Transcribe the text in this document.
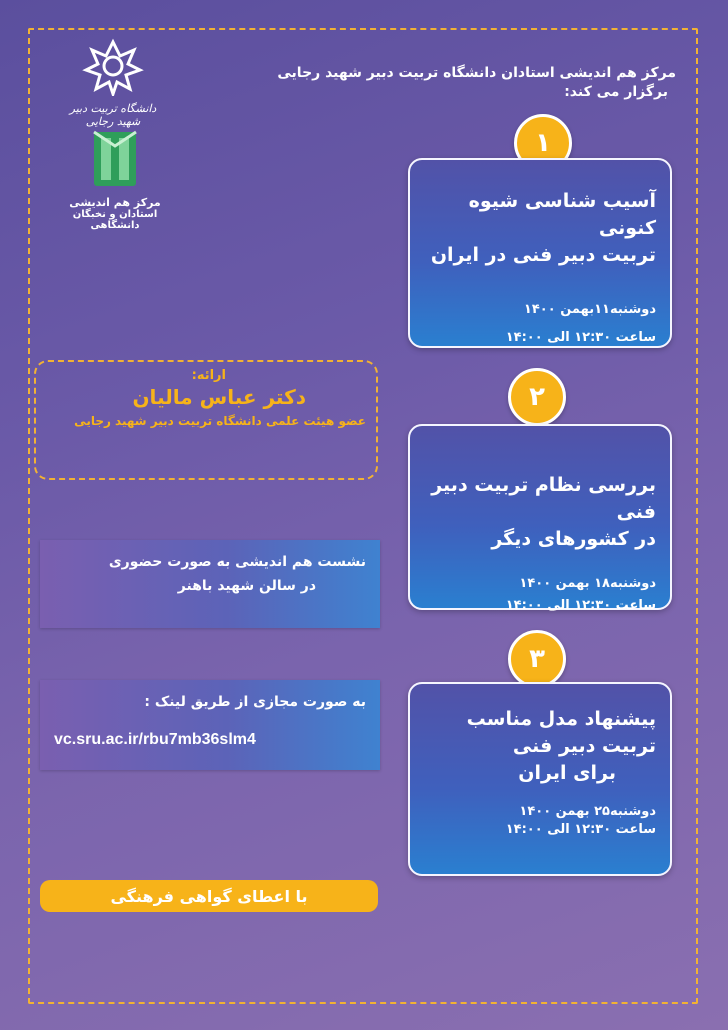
مرکز هم اندیشی استادان دانشگاه تربیت دبیر شهید رجایی
برگزار می کند:
دانشگاه تربیت دبیر شهید رجایی
مرکز هم اندیشی
استادان و نخبگان دانشگاهی
۱
آسیب شناسی شیوه کنونی
تربیت دبیر فنی در ایران
دوشنبه۱۱بهمن ۱۴۰۰
ساعت ۱۲:۳۰ الی ۱۴:۰۰
۲
بررسی نظام تربیت دبیر فنی
در کشورهای دیگر
دوشنبه۱۸ بهمن ۱۴۰۰
ساعت ۱۲:۳۰ الی ۱۴:۰۰
۳
پیشنهاد مدل مناسب
تربیت دبیر فنی
برای ایران
دوشنبه۲۵ بهمن ۱۴۰۰
ساعت ۱۲:۳۰ الی ۱۴:۰۰
ارائه:
دکتر عباس مالیان
عضو هیئت علمی دانشگاه تربیت دبیر شهید رجایی
نشست هم اندیشی به صورت حضوری
در سالن شهید باهنر
به صورت مجازی از طریق لینک :
vc.sru.ac.ir/rbu7mb36slm4
با اعطای گواهی فرهنگی
